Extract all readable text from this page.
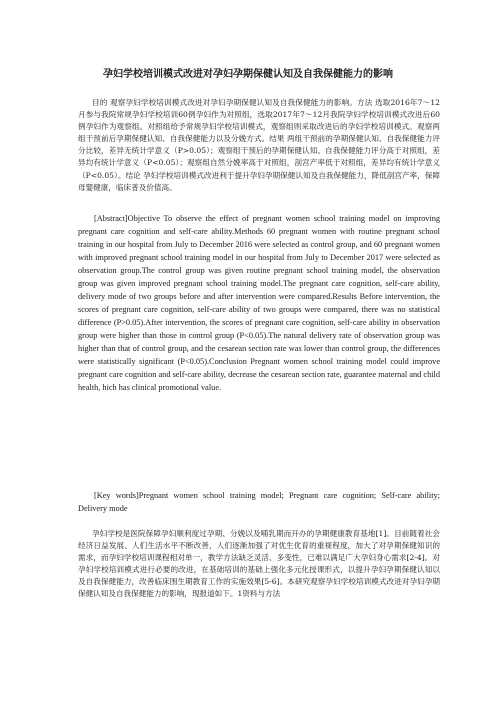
孕妇学校培训模式改进对孕妇孕期保健认知及自我保健能力的影响

目的 观察孕妇学校培训模式改进对孕妇孕期保健认知及自我保健能力的影响。方法 选取2016年7～12月参与我院常规孕妇学校培训60例孕妇作为对照组，选取2017年7～12月我院孕妇学校培训模式改进后60例孕妇作为观察组。对照组给予常规孕妇学校培训模式，观察组则采取改进后的孕妇学校培训模式。观察两组干预前后孕期保健认知、自我保健能力以及分娩方式。结果 两组干预前的孕期保健认知、自我保健能力评分比较，差异无统计学意义（P>0.05）；观察组干预后的孕期保健认知、自我保健能力评分高于对照组，差异均有统计学意义（P<0.05）；观察组自然分娩率高于对照组，剖宫产率低于对照组，差异均有统计学意义（P<0.05）。结论 孕妇学校培训模式改进利于提升孕妇孕期保健认知及自我保健能力，降低剖宫产率，保障母婴健康，临床普及价值高。

[Abstract]Objective To observe the effect of pregnant women school training model on improving pregnant care cognition and self-care ability.Methods 60 pregnant women with routine pregnant school training in our hospital from July to December 2016 were selected as control group, and 60 pregnant women with improved pregnant school training model in our hospital from July to December 2017 were selected as observation group.The control group was given routine pregnant school training model, the observation group was given improved pregnant school training model.The pregnant care cognition, self-care ability, delivery mode of two groups before and after intervention were compared.Results Before intervention, the scores of pregnant care cognition, self-care ability of two groups were compared, there was no statistical difference (P>0.05).After intervention, the scores of pregnant care cognition, self-care ability in observation group were higher than those in control group (P<0.05).The natural delivery rate of observation group was higher than that of control group, and the cesarean section rate was lower than control group, the differences were statistically significant (P<0.05).Conclusion Pregnant women school training model could improve pregnant care cognition and self-care ability, decrease the cesarean section rate, guarantee maternal and child health, hich has clinical promotional value.

[Key words]Pregnant women school training model; Pregnant care cognition; Self-care ability; Delivery mode

孕妇学校是医院保障孕妇顺利度过孕期、分娩以及哺乳期而开办的孕期健康教育基地[1]。目前随着社会经济日益发展、人们生活水平不断改善，人们逐渐加强了对优生优育的重视程度，加大了对孕期保健知识的需求，而孕妇学校培训课程相对单一，教学方法缺乏灵活、多变性，已难以满足广大孕妇身心需求[2-4]。对孕妇学校培训模式进行必要的改进，在基础培训的基础上强化多元化授课形式，以提升孕妇孕期保健认知以及自我保健能力，改善临床围生期教育工作的实施效果[5-6]。本研究观察孕妇学校培训模式改进对孕妇孕期保健认知及自我保健能力的影响，现报道如下。1资料与方法
